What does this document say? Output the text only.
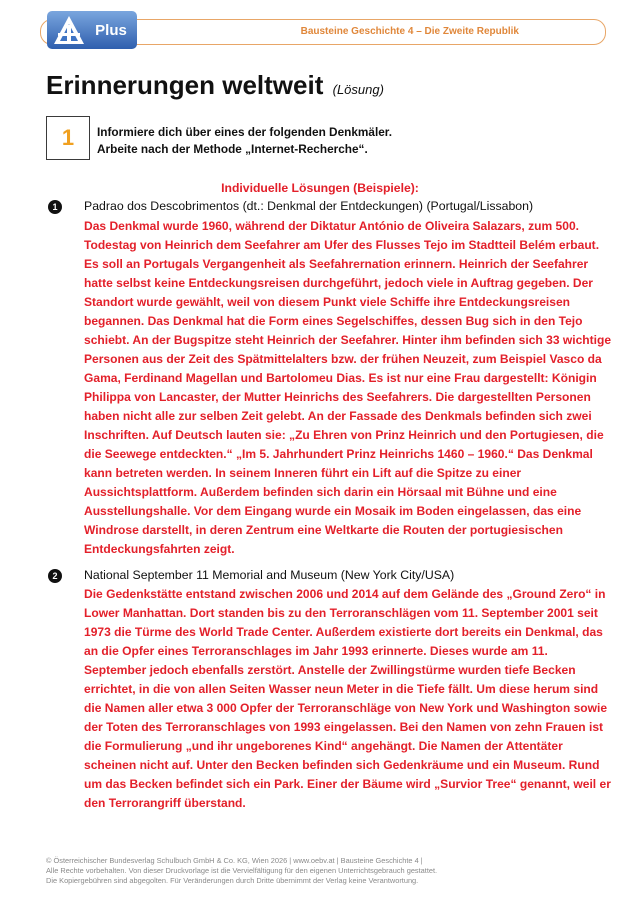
Plus	Bausteine Geschichte 4 – Die Zweite Republik
Erinnerungen weltweit (Lösung)
1 Informiere dich über eines der folgenden Denkmäler.
Arbeite nach der Methode „Internet-Recherche“.
Individuelle Lösungen (Beispiele):
1	Padrao dos Descobrimentos (dt.: Denkmal der Entdeckungen) (Portugal/Lissabon)
Das Denkmal wurde 1960, während der Diktatur António de Oliveira Salazars, zum 500. Todestag von Heinrich dem Seefahrer am Ufer des Flusses Tejo im Stadtteil Belém erbaut. Es soll an Portugals Vergangenheit als Seefahrernation erinnern. Heinrich der Seefahrer hatte selbst keine Entdeckungsreisen durchgeführt, jedoch viele in Auftrag gegeben. Der Standort wurde gewählt, weil von diesem Punkt viele Schiffe ihre Entdeckungsreisen begannen. Das Denkmal hat die Form eines Segelschiffes, dessen Bug sich in den Tejo schiebt. An der Bugspitze steht Heinrich der Seefahrer. Hinter ihm befinden sich 33 wichtige Personen aus der Zeit des Spätmittelalters bzw. der frühen Neuzeit, zum Beispiel Vasco da Gama, Ferdinand Magellan und Bartolomeu Dias. Es ist nur eine Frau dargestellt: Königin Philippa von Lancaster, der Mutter Heinrichs des Seefahrers. Die dargestellten Personen haben nicht alle zur selben Zeit gelebt. An der Fassade des Denkmals befinden sich zwei Inschriften. Auf Deutsch lauten sie: „Zu Ehren von Prinz Heinrich und den Portugiesen, die die Seewege entdeckten.“ „Im 5. Jahrhundert Prinz Heinrichs 1460 – 1960.“ Das Denkmal kann betreten werden. In seinem Inneren führt ein Lift auf die Spitze zu einer Aussichtsplattform. Außerdem befinden sich darin ein Hörsaal mit Bühne und eine Ausstellungshalle. Vor dem Eingang wurde ein Mosaik im Boden eingelassen, das eine Windrose darstellt, in deren Zentrum eine Weltkarte die Routen der portugiesischen Entdeckungsfahrten zeigt.
2	National September 11 Memorial and Museum (New York City/USA)
Die Gedenkstätte entstand zwischen 2006 und 2014 auf dem Gelände des „Ground Zero“ in Lower Manhattan. Dort standen bis zu den Terroranschlägen vom 11. September 2001 seit 1973 die Türme des World Trade Center. Außerdem existierte dort bereits ein Denkmal, das an die Opfer eines Terroranschlages im Jahr 1993 erinnerte. Dieses wurde am 11. September jedoch ebenfalls zerstört. Anstelle der Zwillingstürme wurden tiefe Becken errichtet, in die von allen Seiten Wasser neun Meter in die Tiefe fällt. Um diese herum sind die Namen aller etwa 3 000 Opfer der Terroranschläge von New York und Washington sowie der Toten des Terroranschlages von 1993 eingelassen. Bei den Namen von zehn Frauen ist die Formulierung „und ihr ungeborenes Kind“ angehängt. Die Namen der Attentäter scheinen nicht auf. Unter den Becken befinden sich Gedenkräume und ein Museum. Rund um das Becken befindet sich ein Park. Einer der Bäume wird „Survior Tree“ genannt, weil er den Terrorangriff überstand.
© Österreichischer Bundesverlag Schulbuch GmbH & Co. KG, Wien 2026 | www.oebv.at | Bausteine Geschichte 4 |
Alle Rechte vorbehalten. Von dieser Druckvorlage ist die Vervielfältigung für den eigenen Unterrichtsgebrauch gestattet.
Die Kopiergebühren sind abgegolten. Für Veränderungen durch Dritte übernimmt der Verlag keine Verantwortung.
